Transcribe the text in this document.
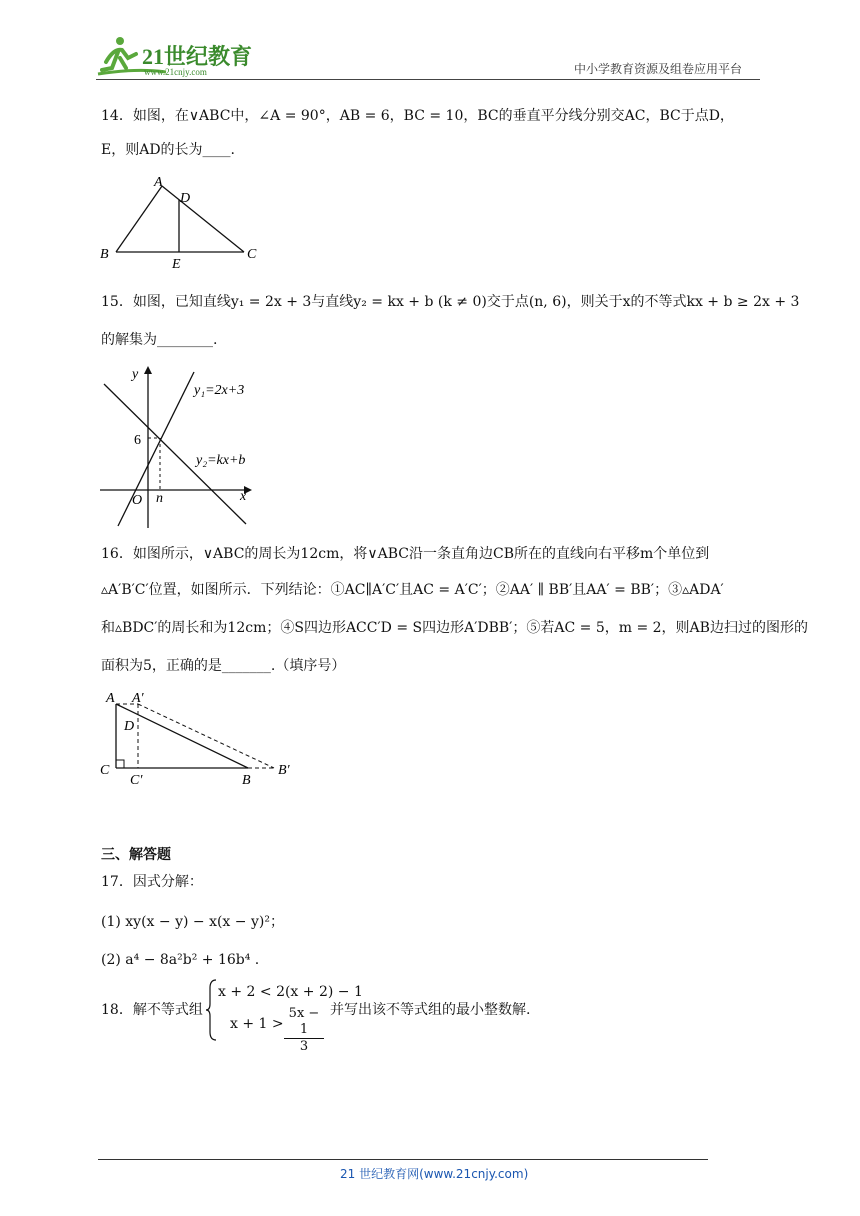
21世纪教育
www.21cnjy.com	中小学教育资源及组卷应用平台
14．如图，在∨ABC中，∠A = 90°，AB = 6，BC = 10，BC的垂直平分线分别交AC，BC于点D，
E，则AD的长为____.
A
D
B	C
E
15．如图，已知直线y₁ = 2x + 3与直线y₂ = kx + b (k ≠ 0)交于点(n, 6)，则关于x的不等式kx + b ≥ 2x + 3
的解集为________.
y
x
O n
6
y₁=2x+3
y₂=kx+b
16．如图所示，∨ABC的周长为12cm，将∨ABC沿一条直角边CB所在的直线向右平移m个单位到
▵A′B′C′位置，如图所示．下列结论：①AC∥A′C′且AC = A′C′；②AA′ ∥ BB′且AA′ = BB′；③▵ADA′
和▵BDC′的周长和为12cm；④S四边形ACC′D = S四边形A′DBB′；⑤若AC = 5，m = 2，则AB边扫过的图形的
面积为5，正确的是_______.（填序号）
A A′
D
C
C′	B
B′
三、解答题
17．因式分解：
(1) xy(x − y) − x(x − y)²；
(2) a⁴ − 8a²b² + 16b⁴ .
18．解不等式组
x + 2 < 2(x + 2) − 1
$x + 1 > \frac{5x - 1}{3}$ 并写出该不等式组的最小整数解.
21 世纪教育网(www.21cnjy.com)
